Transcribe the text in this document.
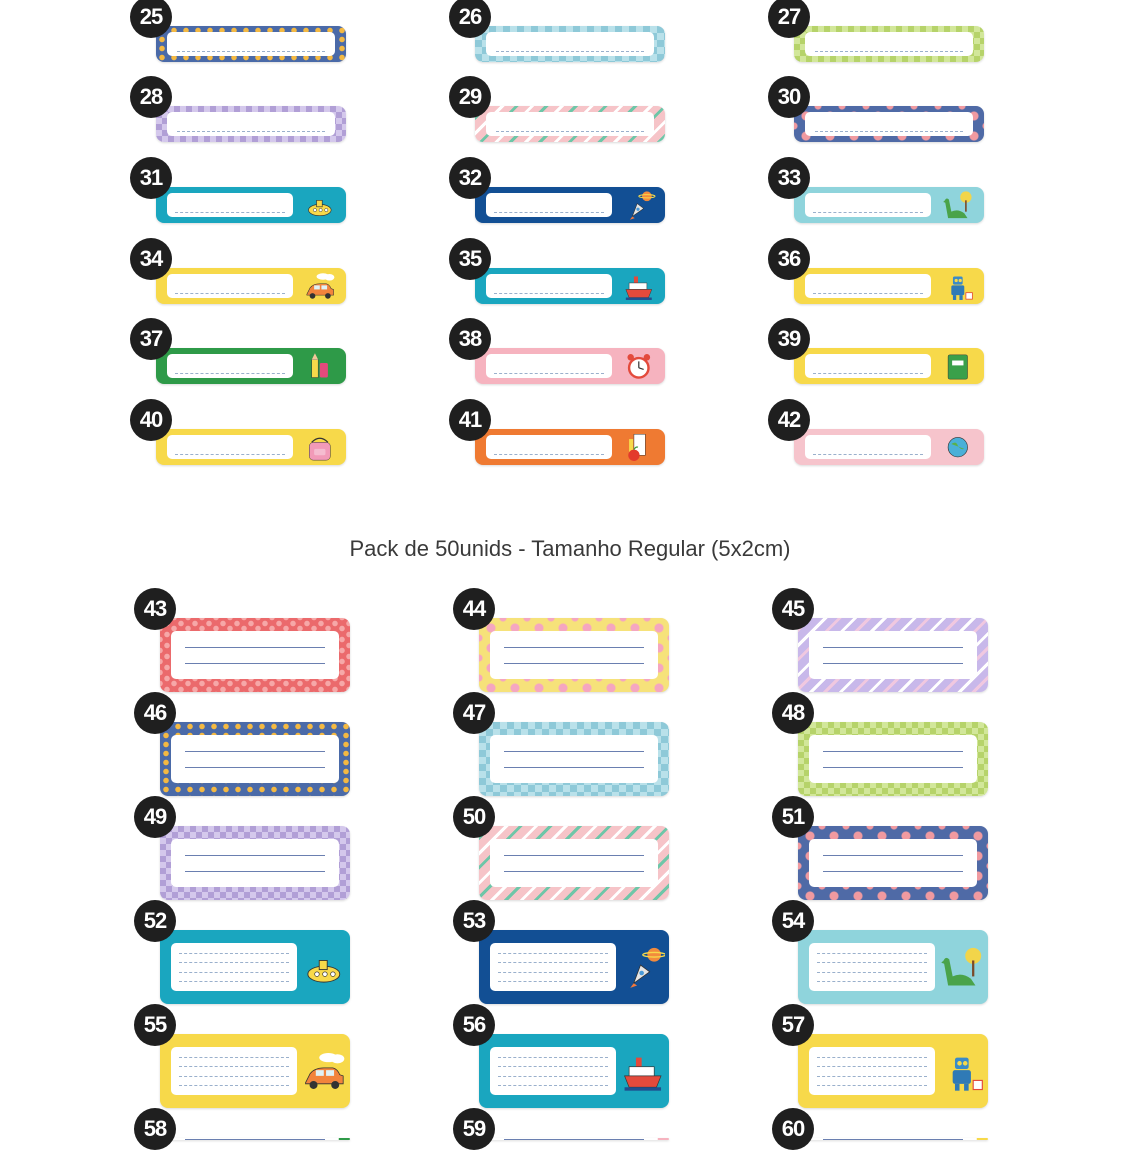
Pack de 50unids - Tamanho Regular (5x2cm)
25	26	27
28	29	30
31	32	33
34	35	36
37	38	39
40	41	42
43	44	45
46	47	48
49	50	51
52	53	54
55	56	57
58	59	60
